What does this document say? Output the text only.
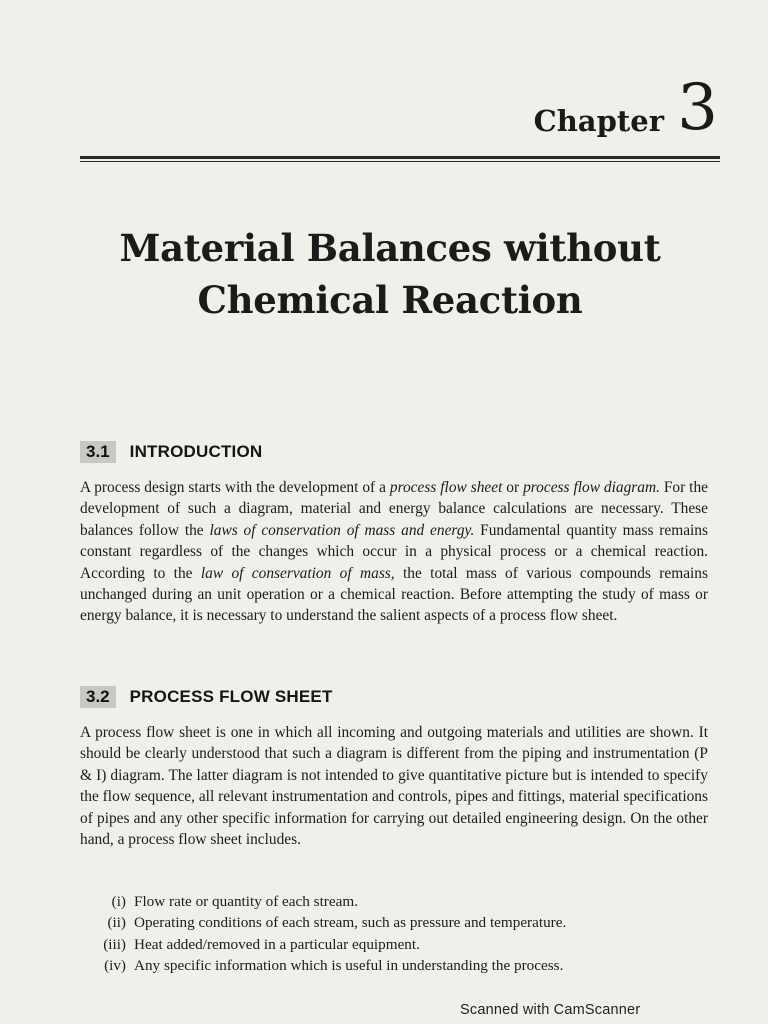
Chapter 3
Material Balances without
Chemical Reaction
3.1	INTRODUCTION
A process design starts with the development of a process flow sheet or process flow diagram. For the development of such a diagram, material and energy balance calculations are necessary. These balances follow the laws of conservation of mass and energy. Fundamental quantity mass remains constant regardless of the changes which occur in a physical process or a chemical reaction. According to the law of conservation of mass, the total mass of various compounds remains unchanged during an unit operation or a chemical reaction. Before attempting the study of mass or energy balance, it is necessary to understand the salient aspects of a process flow sheet.
3.2	PROCESS FLOW SHEET
A process flow sheet is one in which all incoming and outgoing materials and utilities are shown. It should be clearly understood that such a diagram is different from the piping and instrumentation (P & I) diagram. The latter diagram is not intended to give quantitative picture but is intended to specify the flow sequence, all relevant instrumentation and controls, pipes and fittings, material specifications of pipes and any other specific information for carrying out detailed engineering design. On the other hand, a process flow sheet includes.
(i) Flow rate or quantity of each stream.
(ii) Operating conditions of each stream, such as pressure and temperature.
(iii) Heat added/removed in a particular equipment.
(iv) Any specific information which is useful in understanding the process.
Scanned with CamScanner
